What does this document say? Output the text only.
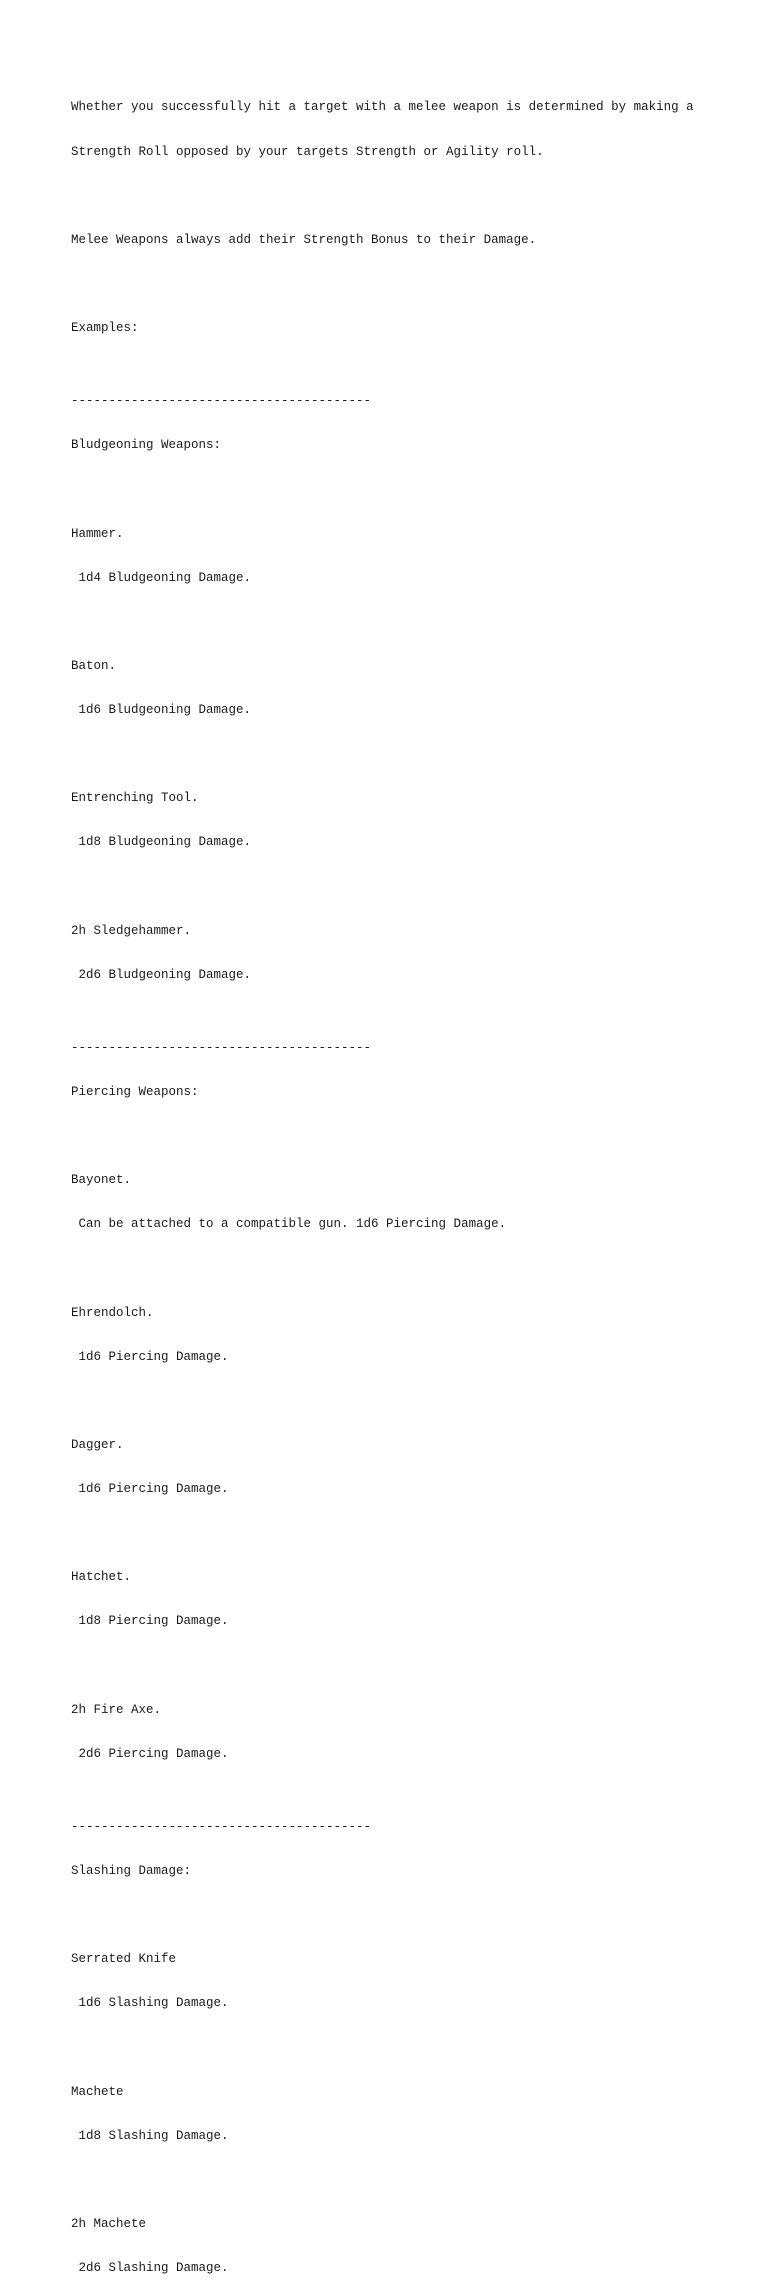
Whether you successfully hit a target with a melee weapon is determined by making a

Strength Roll opposed by your targets Strength or Agility roll.

Melee Weapons always add their Strength Bonus to their Damage.

Examples:

----------------------------------------

Bludgeoning Weapons:

Hammer.

1d4 Bludgeoning Damage.

Baton.

1d6 Bludgeoning Damage.

Entrenching Tool.

1d8 Bludgeoning Damage.

2h Sledgehammer.

2d6 Bludgeoning Damage.

----------------------------------------

Piercing Weapons:

Bayonet.

Can be attached to a compatible gun. 1d6 Piercing Damage.

Ehrendolch.

1d6 Piercing Damage.

Dagger.

1d6 Piercing Damage.

Hatchet.

1d8 Piercing Damage.

2h Fire Axe.

2d6 Piercing Damage.

----------------------------------------

Slashing Damage:

Serrated Knife

1d6 Slashing Damage.

Machete

1d8 Slashing Damage.

2h Machete

2d6 Slashing Damage.
